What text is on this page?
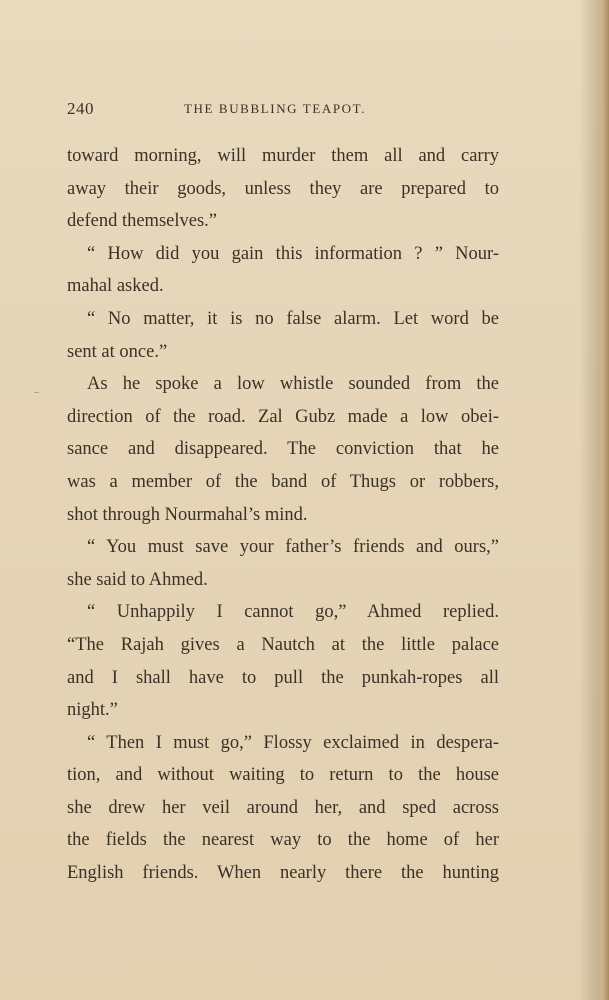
240	THE BUBBLING TEAPOT.
toward morning, will murder them all and carry
away their goods, unless they are prepared to
defend themselves.”
“ How did you gain this information ? ” Nour-
mahal asked.
“ No matter, it is no false alarm. Let word be
sent at once.”
As he spoke a low whistle sounded from the
direction of the road. Zal Gubz made a low obei-
sance and disappeared. The conviction that he
was a member of the band of Thugs or robbers,
shot through Nourmahal’s mind.
“ You must save your father’s friends and ours,”
she said to Ahmed.
“ Unhappily I cannot go,” Ahmed replied.
“The Rajah gives a Nautch at the little palace
and I shall have to pull the punkah-ropes all
night.”
“ Then I must go,” Flossy exclaimed in despera-
tion, and without waiting to return to the house
she drew her veil around her, and sped across
the fields the nearest way to the home of her
English friends. When nearly there the hunting
